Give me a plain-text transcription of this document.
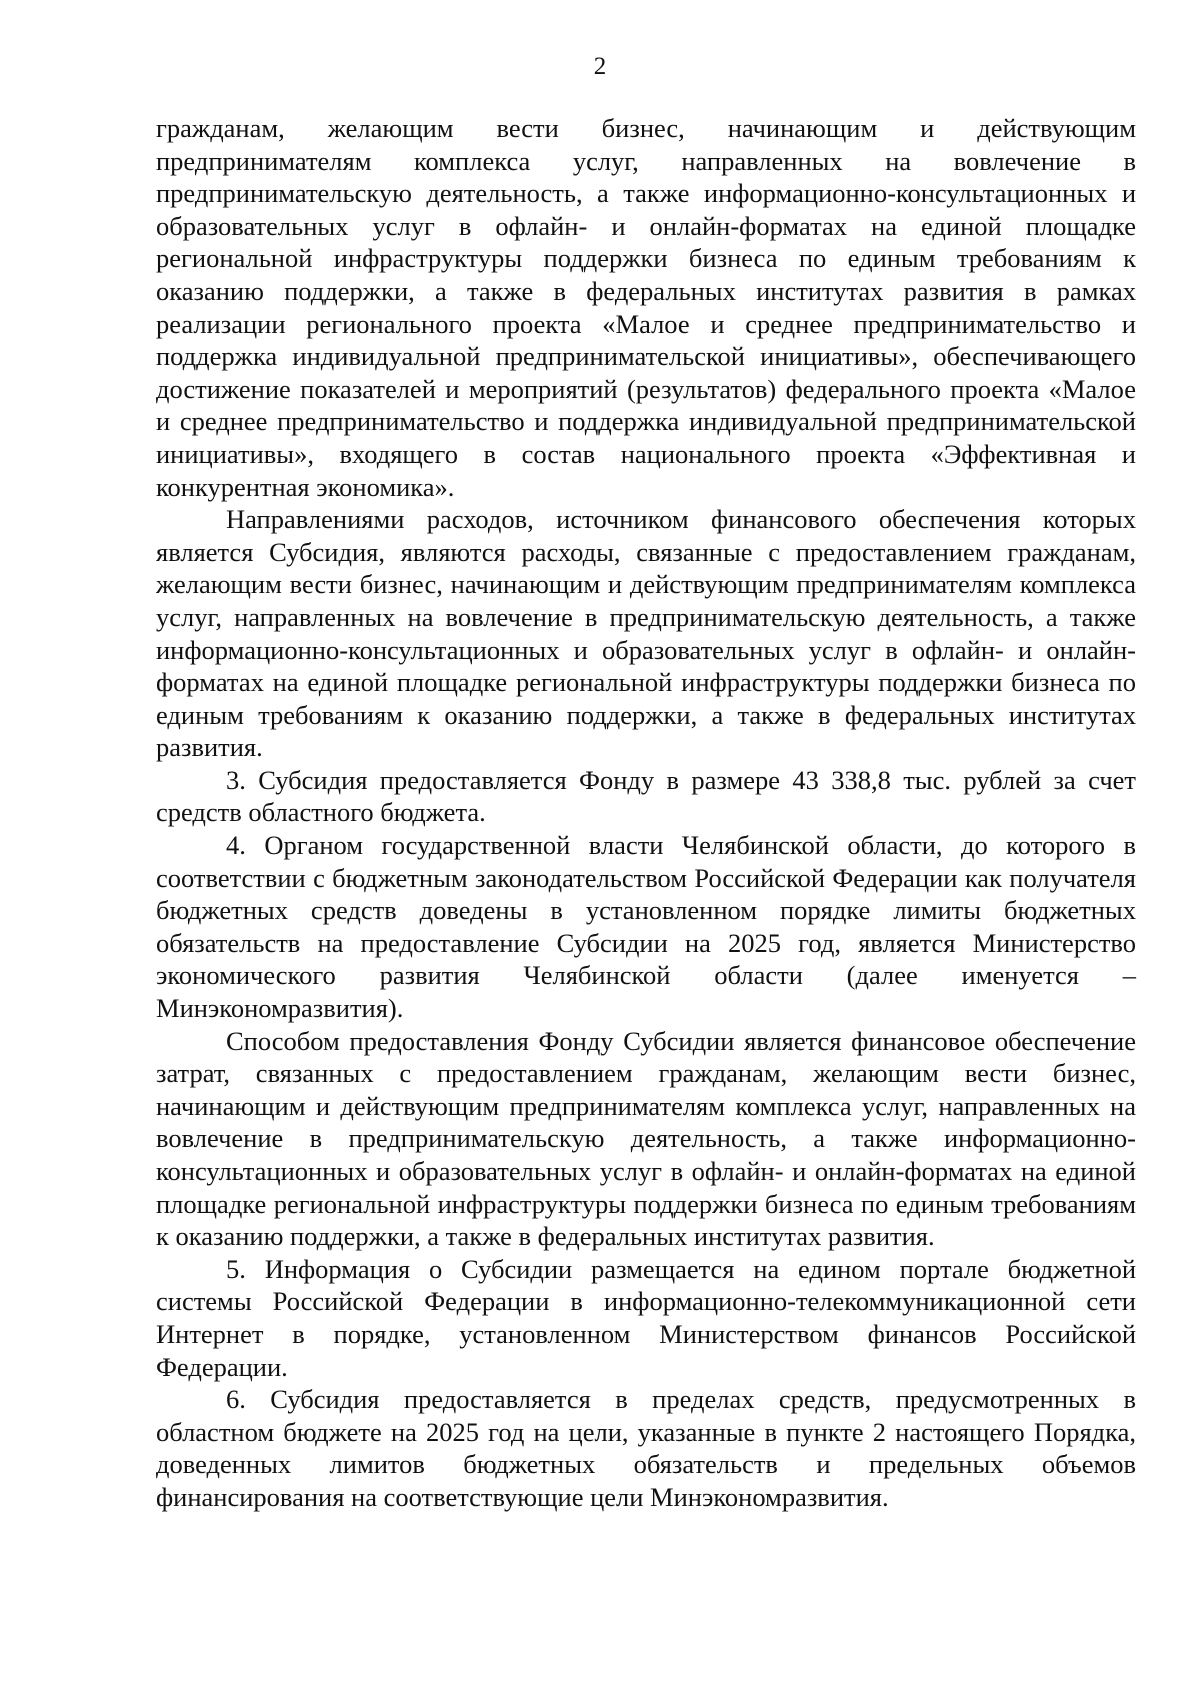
2

гражданам, желающим вести бизнес, начинающим и действующим предпринимателям комплекса услуг, направленных на вовлечение в предпринимательскую деятельность, а также информационно-консультационных и образовательных услуг в офлайн- и онлайн-форматах на единой площадке региональной инфраструктуры поддержки бизнеса по единым требованиям к оказанию поддержки, а также в федеральных институтах развития в рамках реализации регионального проекта «Малое и среднее предпринимательство и поддержка индивидуальной предпринимательской инициативы», обеспечивающего достижение показателей и мероприятий (результатов) федерального проекта «Малое и среднее предпринимательство и поддержка индивидуальной предпринимательской инициативы», входящего в состав национального проекта «Эффективная и конкурентная экономика».

Направлениями расходов, источником финансового обеспечения которых является Субсидия, являются расходы, связанные с предоставлением гражданам, желающим вести бизнес, начинающим и действующим предпринимателям комплекса услуг, направленных на вовлечение в предпринимательскую деятельность, а также информационно-консультационных и образовательных услуг в офлайн- и онлайн-форматах на единой площадке региональной инфраструктуры поддержки бизнеса по единым требованиям к оказанию поддержки, а также в федеральных институтах развития.

3. Субсидия предоставляется Фонду в размере 43 338,8 тыс. рублей за счет средств областного бюджета.

4. Органом государственной власти Челябинской области, до которого в соответствии с бюджетным законодательством Российской Федерации как получателя бюджетных средств доведены в установленном порядке лимиты бюджетных обязательств на предоставление Субсидии на 2025 год, является Министерство экономического развития Челябинской области (далее именуется – Минэкономразвития).

Способом предоставления Фонду Субсидии является финансовое обеспечение затрат, связанных с предоставлением гражданам, желающим вести бизнес, начинающим и действующим предпринимателям комплекса услуг, направленных на вовлечение в предпринимательскую деятельность, а также информационно-консультационных и образовательных услуг в офлайн- и онлайн-форматах на единой площадке региональной инфраструктуры поддержки бизнеса по единым требованиям к оказанию поддержки, а также в федеральных институтах развития.

5. Информация о Субсидии размещается на едином портале бюджетной системы Российской Федерации в информационно-телекоммуникационной сети Интернет в порядке, установленном Министерством финансов Российской Федерации.

6. Субсидия предоставляется в пределах средств, предусмотренных в областном бюджете на 2025 год на цели, указанные в пункте 2 настоящего Порядка, доведенных лимитов бюджетных обязательств и предельных объемов финансирования на соответствующие цели Минэкономразвития.
